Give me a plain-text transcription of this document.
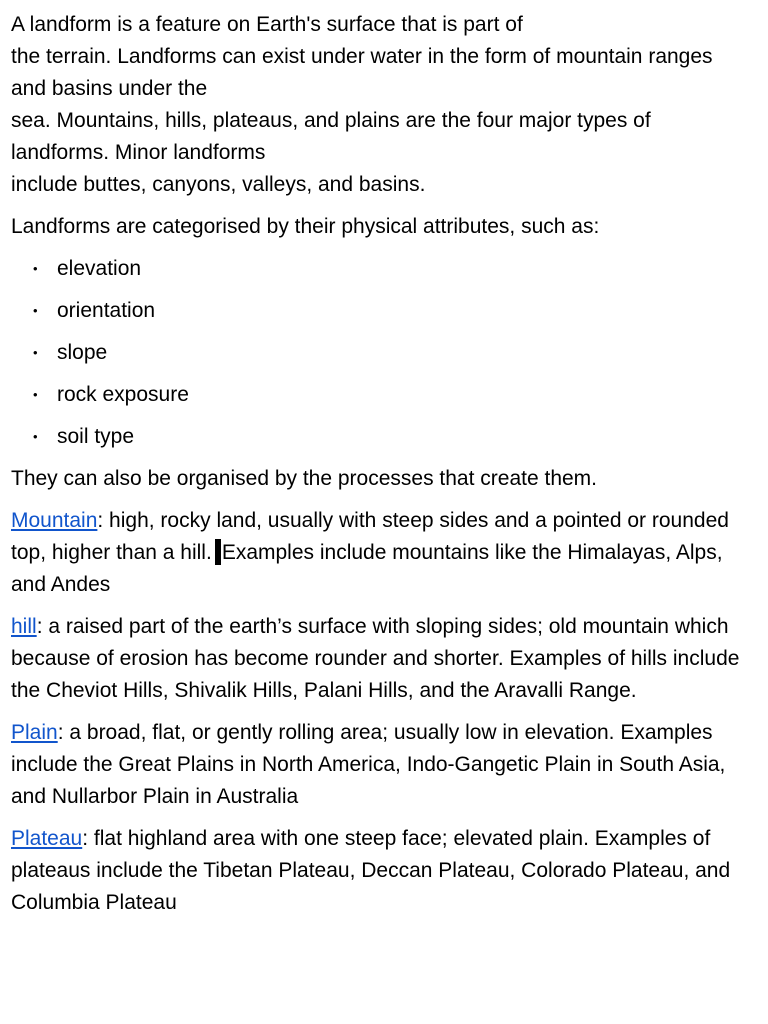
A landform is a feature on Earth's surface that is part of
the terrain. Landforms can exist under water in the form of mountain ranges and basins under the
sea. Mountains, hills, plateaus, and plains are the four major types of landforms. Minor landforms
include buttes, canyons, valleys, and basins.

Landforms are categorised by their physical attributes, such as:

• elevation
• orientation
• slope
• rock exposure
• soil type

They can also be organised by the processes that create them.

Mountain: high, rocky land, usually with steep sides and a pointed or rounded top, higher than a hill. Examples include mountains like the Himalayas, Alps, and Andes

hill: a raised part of the earth’s surface with sloping sides; old mountain which because of erosion has become rounder and shorter. Examples of hills include the Cheviot Hills, Shivalik Hills, Palani Hills, and the Aravalli Range.

Plain: a broad, flat, or gently rolling area; usually low in elevation. Examples include the Great Plains in North America, Indo-Gangetic Plain in South Asia, and Nullarbor Plain in Australia

Plateau: flat highland area with one steep face; elevated plain. Examples of plateaus include the Tibetan Plateau, Deccan Plateau, Colorado Plateau, and Columbia Plateau
